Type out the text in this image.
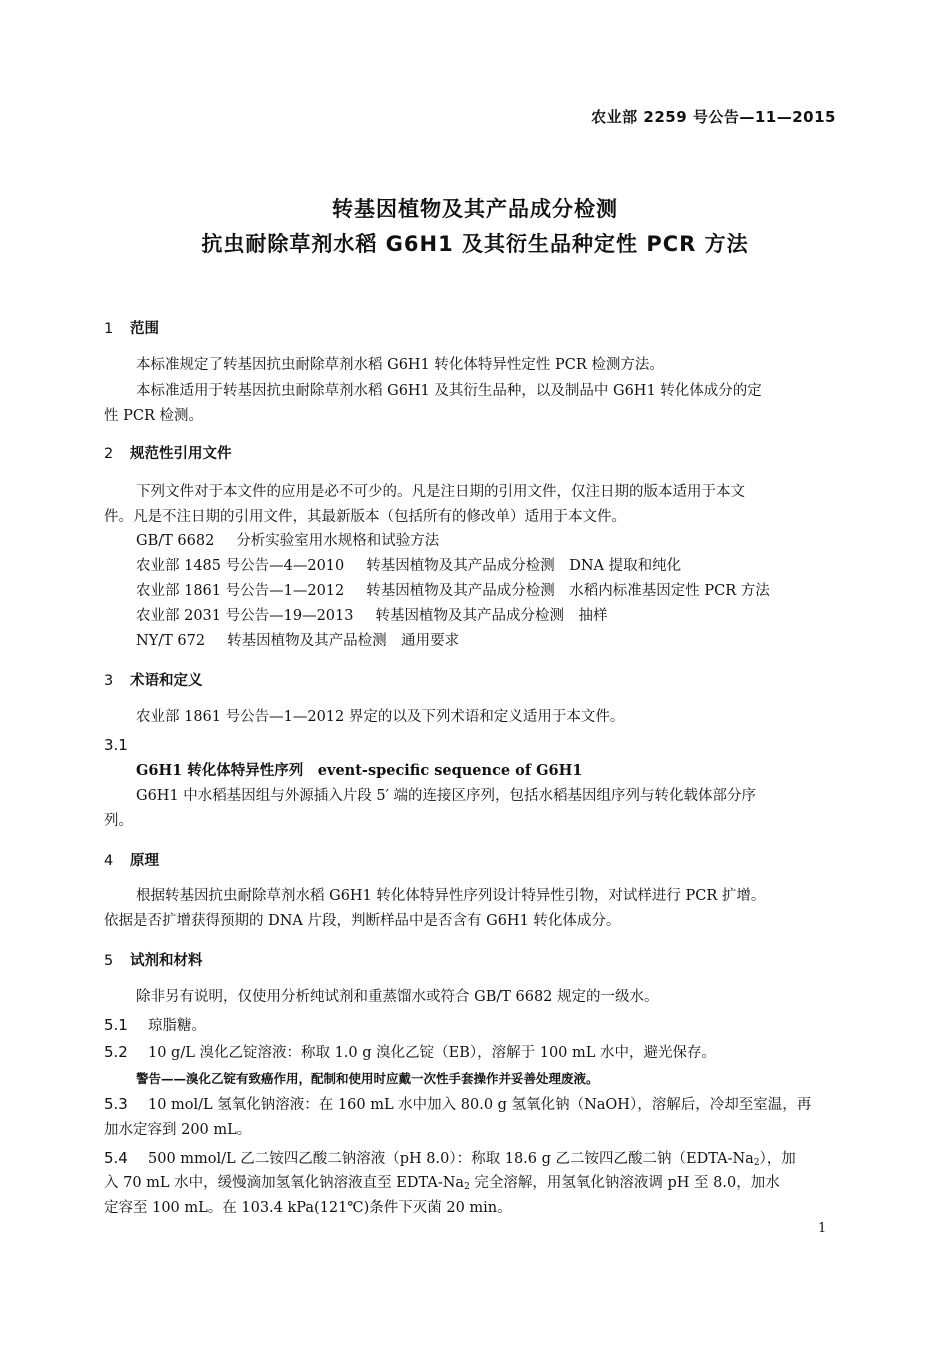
农业部 2259 号公告—11—2015
转基因植物及其产品成分检测
抗虫耐除草剂水稻 G6H1 及其衍生品种定性 PCR 方法
1 范围
本标准规定了转基因抗虫耐除草剂水稻 G6H1 转化体特异性定性 PCR 检测方法。
本标准适用于转基因抗虫耐除草剂水稻 G6H1 及其衍生品种，以及制品中 G6H1 转化体成分的定
性 PCR 检测。
2 规范性引用文件
下列文件对于本文件的应用是必不可少的。凡是注日期的引用文件，仅注日期的版本适用于本文
件。凡是不注日期的引用文件，其最新版本（包括所有的修改单）适用于本文件。
GB/T 6682 分析实验室用水规格和试验方法
农业部 1485 号公告—4—2010 转基因植物及其产品成分检测　DNA 提取和纯化
农业部 1861 号公告—1—2012 转基因植物及其产品成分检测　水稻内标准基因定性 PCR 方法
农业部 2031 号公告—19—2013 转基因植物及其产品成分检测　抽样
NY/T 672 转基因植物及其产品检测　通用要求
3 术语和定义
农业部 1861 号公告—1—2012 界定的以及下列术语和定义适用于本文件。
3.1
G6H1 转化体特异性序列　event-specific sequence of G6H1
G6H1 中水稻基因组与外源插入片段 5′ 端的连接区序列，包括水稻基因组序列与转化载体部分序
列。
4 原理
根据转基因抗虫耐除草剂水稻 G6H1 转化体特异性序列设计特异性引物，对试样进行 PCR 扩增。
依据是否扩增获得预期的 DNA 片段，判断样品中是否含有 G6H1 转化体成分。
5 试剂和材料
除非另有说明，仅使用分析纯试剂和重蒸馏水或符合 GB/T 6682 规定的一级水。
5.1 琼脂糖。
5.2 10 g/L 溴化乙锭溶液：称取 1.0 g 溴化乙锭（EB），溶解于 100 mL 水中，避光保存。
警告——溴化乙锭有致癌作用，配制和使用时应戴一次性手套操作并妥善处理废液。
5.3 10 mol/L 氢氧化钠溶液：在 160 mL 水中加入 80.0 g 氢氧化钠（NaOH），溶解后，冷却至室温，再
加水定容到 200 mL。
5.4 500 mmol/L 乙二铵四乙酸二钠溶液（pH 8.0）：称取 18.6 g 乙二铵四乙酸二钠$(EDTA-Na_2)$，加
入 70 mL 水中，缓慢滴加氢氧化钠溶液直至 EDTA-$Na_2$ 完全溶解，用氢氧化钠溶液调 pH 至 8.0，加水
定容至 100 mL。在 103.4 kPa(121℃)条件下灭菌 20 min。
1
